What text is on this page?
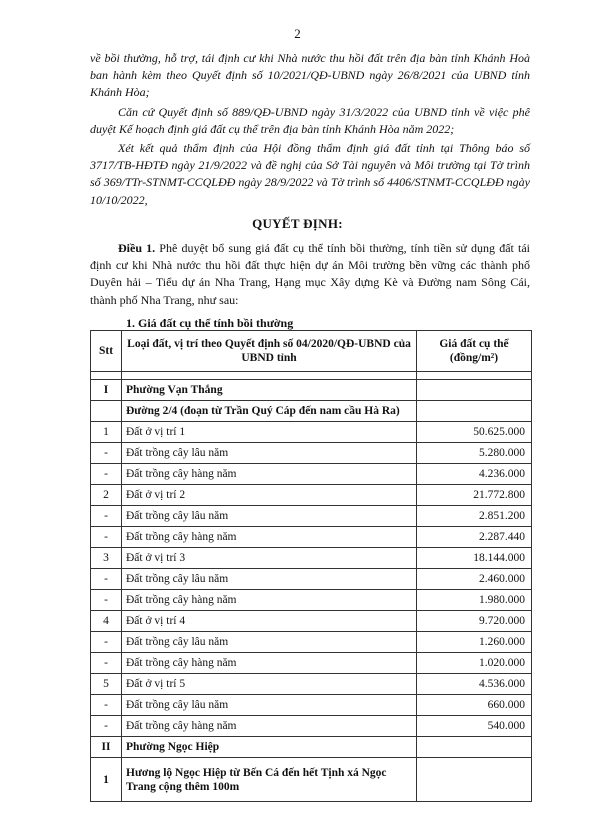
2
về bồi thường, hỗ trợ, tái định cư khi Nhà nước thu hồi đất trên địa bàn tỉnh Khánh Hoà ban hành kèm theo Quyết định số 10/2021/QĐ-UBND ngày 26/8/2021 của UBND tỉnh Khánh Hòa;
Căn cứ Quyết định số 889/QĐ-UBND ngày 31/3/2022 của UBND tỉnh về việc phê duyệt Kế hoạch định giá đất cụ thể trên địa bàn tỉnh Khánh Hòa năm 2022;
Xét kết quả thẩm định của Hội đồng thẩm định giá đất tỉnh tại Thông báo số 3717/TB-HĐTĐ ngày 21/9/2022 và đề nghị của Sở Tài nguyên và Môi trường tại Tờ trình số 369/TTr-STNMT-CCQLĐĐ ngày 28/9/2022 và Tờ trình số 4406/STNMT-CCQLĐĐ ngày 10/10/2022,
QUYẾT ĐỊNH:
Điều 1. Phê duyệt bổ sung giá đất cụ thể tính bồi thường, tính tiền sử dụng đất tái định cư khi Nhà nước thu hồi đất thực hiện dự án Môi trường bền vững các thành phố Duyên hải – Tiểu dự án Nha Trang, Hạng mục Xây dựng Kè và Đường nam Sông Cái, thành phố Nha Trang, như sau:
1. Giá đất cụ thể tính bồi thường
Stt	Loại đất, vị trí theo Quyết định số 04/2020/QĐ-UBND của UBND tỉnh	Giá đất cụ thể (đồng/m²)

I	Phường Vạn Thắng	
	Đường 2/4 (đoạn từ Trần Quý Cáp đến nam cầu Hà Ra)	
1	Đất ở vị trí 1	50.625.000
-	Đất trồng cây lâu năm	5.280.000
-	Đất trồng cây hàng năm	4.236.000
2	Đất ở vị trí 2	21.772.800
-	Đất trồng cây lâu năm	2.851.200
-	Đất trồng cây hàng năm	2.287.440
3	Đất ở vị trí 3	18.144.000
-	Đất trồng cây lâu năm	2.460.000
-	Đất trồng cây hàng năm	1.980.000
4	Đất ở vị trí 4	9.720.000
-	Đất trồng cây lâu năm	1.260.000
-	Đất trồng cây hàng năm	1.020.000
5	Đất ở vị trí 5	4.536.000
-	Đất trồng cây lâu năm	660.000
-	Đất trồng cây hàng năm	540.000
II	Phường Ngọc Hiệp	
1	Hương lộ Ngọc Hiệp từ Bến Cá đến hết Tịnh xá Ngọc Trang cộng thêm 100m	
